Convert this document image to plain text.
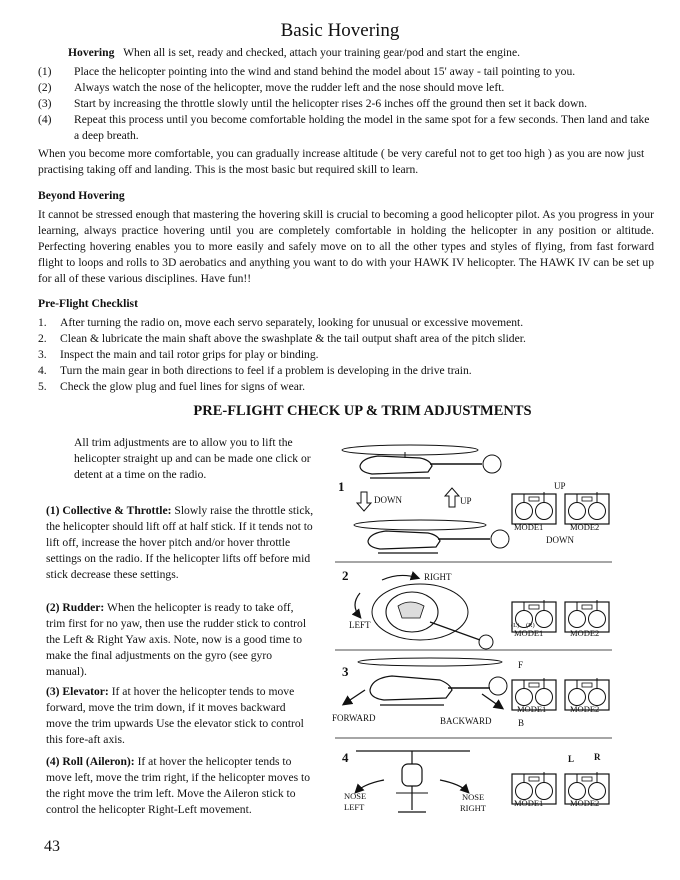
Basic Hovering
Hovering When all is set, ready and checked, attach your training gear/pod and start the engine.
(1) Place the helicopter pointing into the wind and stand behind the model about 15' away - tail pointing to you.
(2) Always watch the nose of the helicopter, move the rudder left and the nose should move left.
(3) Start by increasing the throttle slowly until the helicopter rises 2-6 inches off the ground then set it back down.
(4) Repeat this process until you become comfortable holding the model in the same spot for a few seconds. Then land and take a deep breath.
When you become more comfortable, you can gradually increase altitude ( be very careful not to get too high ) as you are now just practising taking off and landing. This is the most basic but required skill to learn.
Beyond Hovering
It cannot be stressed enough that mastering the hovering skill is crucial to becoming a good helicopter pilot. As you progress in your learning, always practice hovering until you are completely comfortable in holding the helicopter in any position or altitude. Perfecting hovering enables you to more easily and safely move on to all the other types and styles of flying, from fast forward flight to loops and rolls to 3D aerobatics and anything you want to do with your HAWK IV helicopter. The HAWK IV can be set up for all of these various disciplines. Have fun!!
Pre-Flight Checklist
1. After turning the radio on, move each servo separately, looking for unusual or excessive movement.
2. Clean & lubricate the main shaft above the swashplate & the tail output shaft area of the pitch slider.
3. Inspect the main and tail rotor grips for play or binding.
4. Turn the main gear in both directions to feel if a problem is developing in the drive train.
5. Check the glow plug and fuel lines for signs of wear.
PRE-FLIGHT CHECK UP & TRIM ADJUSTMENTS
All trim adjustments are to allow you to lift the helicopter straight up and can be made one click or detent at a time on the radio.
(1) Collective & Throttle: Slowly raise the throttle stick, the helicopter should lift off at half stick. If it tends not to lift off, increase the hover pitch and/or hover throttle settings on the radio. If the helicopter lifts off before mid stick decrease these settings.
(2) Rudder: When the helicopter is ready to take off, trim first for no yaw, then use the rudder stick to control the Left & Right Yaw axis. Note, now is a good time to make the final adjustments on the gyro (see gyro manual).
(3) Elevator: If at hover the helicopter tends to move forward, move the trim down, if it moves backward move the trim upwards Use the elevator stick to control this fore-aft axis.
(4) Roll (Aileron): If at hover the helicopter tends to move left, move the trim right, if the helicopter moves to the right move the trim left. Move the Aileron stick to control the helicopter Right-Left movement.
1
DOWN	UP
UP
MODE1	MODE2
DOWN
2	RIGHT
LEFT	(L) (R)
MODE1	MODE2
3
FORWARD	BACKWARD
F
MODE1	MODE2
B
4
NOSE
LEFT
NOSE
RIGHT
L R
MODE1	MODE2
43
